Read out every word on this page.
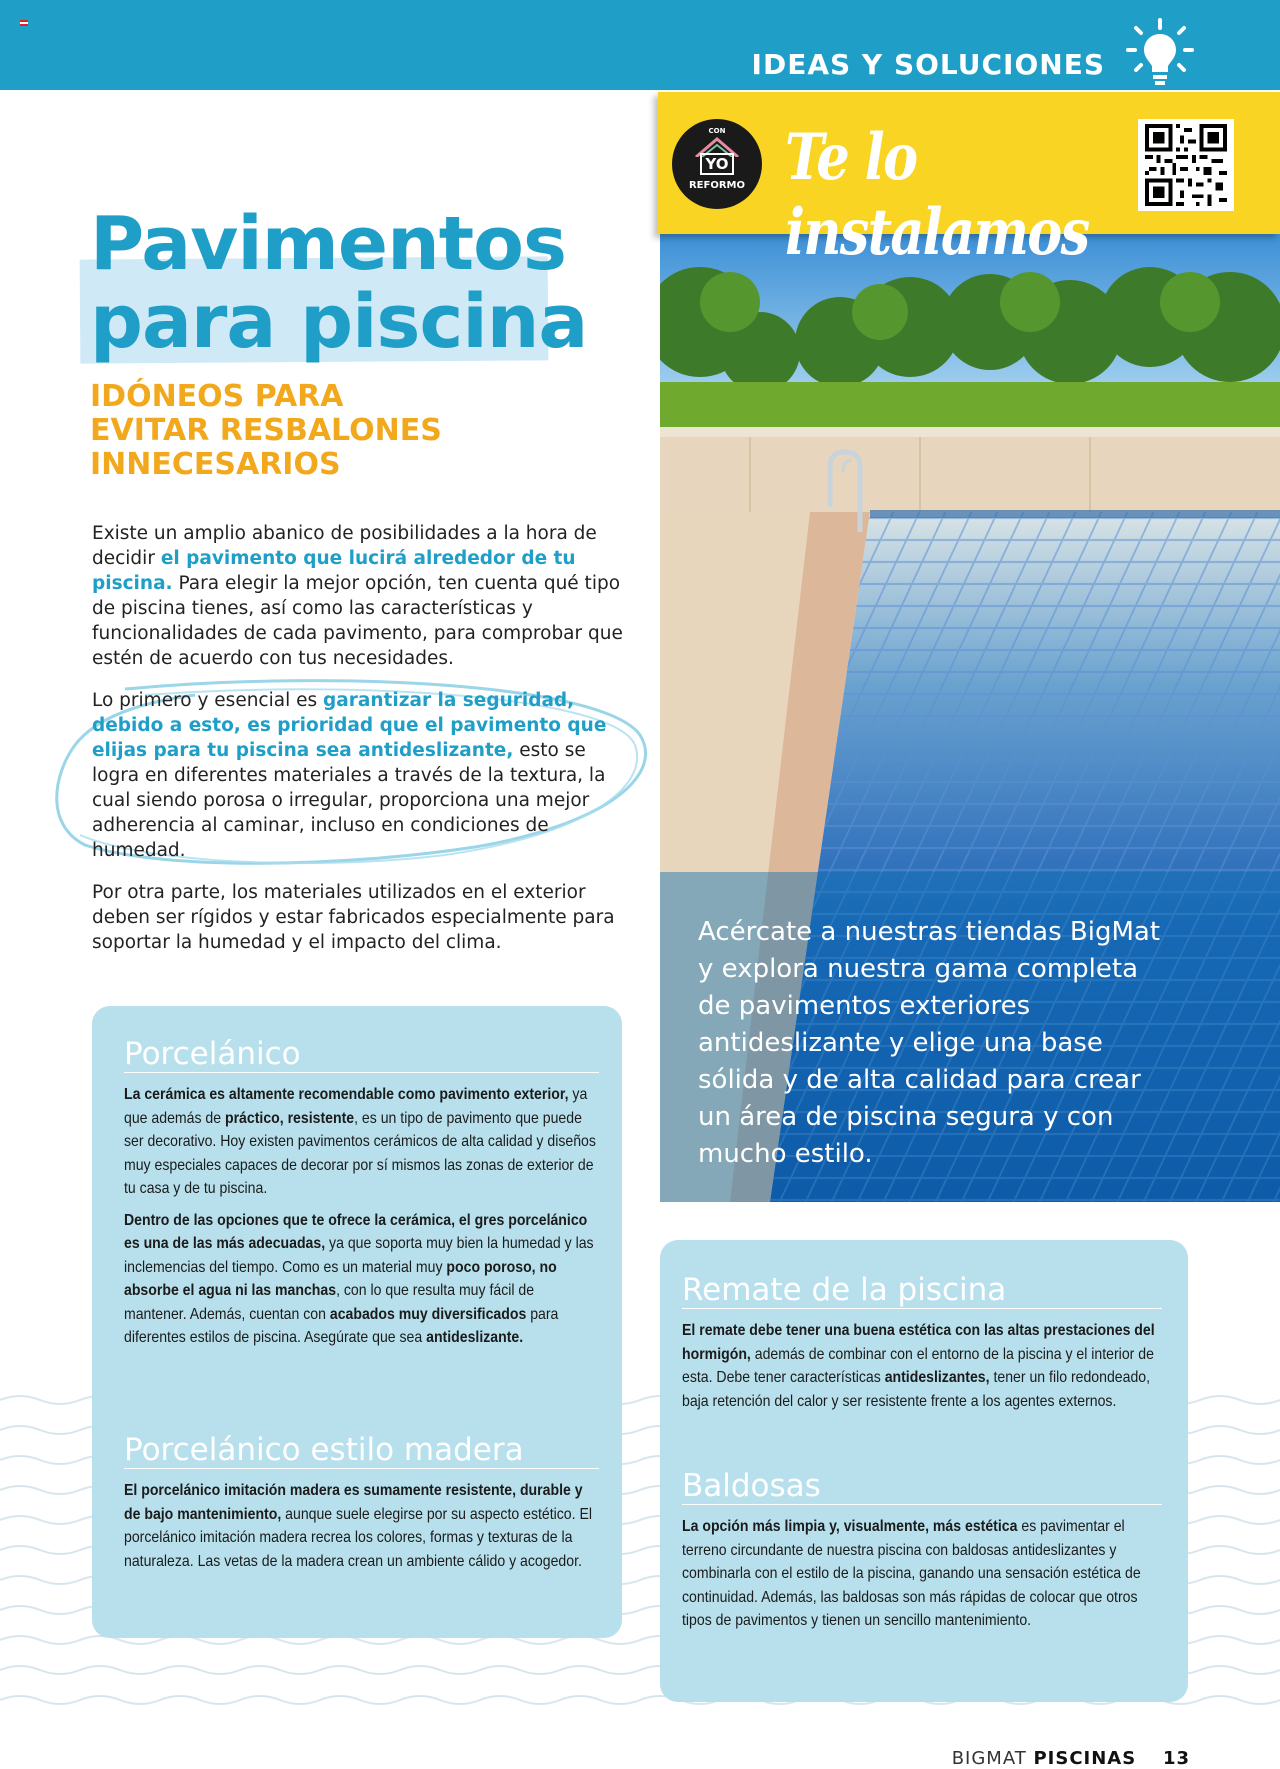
IDEAS Y SOLUCIONES
Pavimentos
para piscina
IDÓNEOS PARA
EVITAR RESBALONES
INNECESARIOS

Existe un amplio abanico de posibilidades a la hora de decidir el pavimento que lucirá alrededor de tu piscina. Para elegir la mejor opción, ten cuenta qué tipo de piscina tienes, así como las características y funcionalidades de cada pavimento, para comprobar que estén de acuerdo con tus necesidades.

Lo primero y esencial es garantizar la seguridad, debido a esto, es prioridad que el pavimento que elijas para tu piscina sea antideslizante, esto se logra en diferentes materiales a través de la textura, la cual siendo porosa o irregular, proporciona una mejor adherencia al caminar, incluso en condiciones de humedad.

Por otra parte, los materiales utilizados en el exterior deben ser rígidos y estar fabricados especialmente para soportar la humedad y el impacto del clima.

Porcelánico

La cerámica es altamente recomendable como pavimento exterior, ya que además de práctico, resistente, es un tipo de pavimento que puede ser decorativo. Hoy existen pavimentos cerámicos de alta calidad y diseños muy especiales capaces de decorar por sí mismos las zonas de exterior de tu casa y de tu piscina.

Dentro de las opciones que te ofrece la cerámica, el gres porcelánico es una de las más adecuadas, ya que soporta muy bien la humedad y las inclemencias del tiempo. Como es un material muy poco poroso, no absorbe el agua ni las manchas, con lo que resulta muy fácil de mantener. Además, cuentan con acabados muy diversificados para diferentes estilos de piscina. Asegúrate que sea antideslizante.

Porcelánico estilo madera

El porcelánico imitación madera es sumamente resistente, durable y de bajo mantenimiento, aunque suele elegirse por su aspecto estético. El porcelánico imitación madera recrea los colores, formas y texturas de la naturaleza. Las vetas de la madera crean un ambiente cálido y acogedor.

Acércate a nuestras tiendas BigMat y explora nuestra gama completa de pavimentos exteriores antideslizante y elige una base sólida y de alta calidad para crear un área de piscina segura y con mucho estilo.
CON
YO
REFORMO Te lo instalamos
Remate de la piscina

El remate debe tener una buena estética con las altas prestaciones del hormigón, además de combinar con el entorno de la piscina y el interior de esta. Debe tener características antideslizantes, tener un filo redondeado, baja retención del calor y ser resistente frente a los agentes externos.

Baldosas

La opción más limpia y, visualmente, más estética es pavimentar el terreno circundante de nuestra piscina con baldosas antideslizantes y combinarla con el estilo de la piscina, ganando una sensación estética de continuidad. Además, las baldosas son más rápidas de colocar que otros tipos de pavimentos y tienen un sencillo mantenimiento.

BIGMAT PISCINAS 13
